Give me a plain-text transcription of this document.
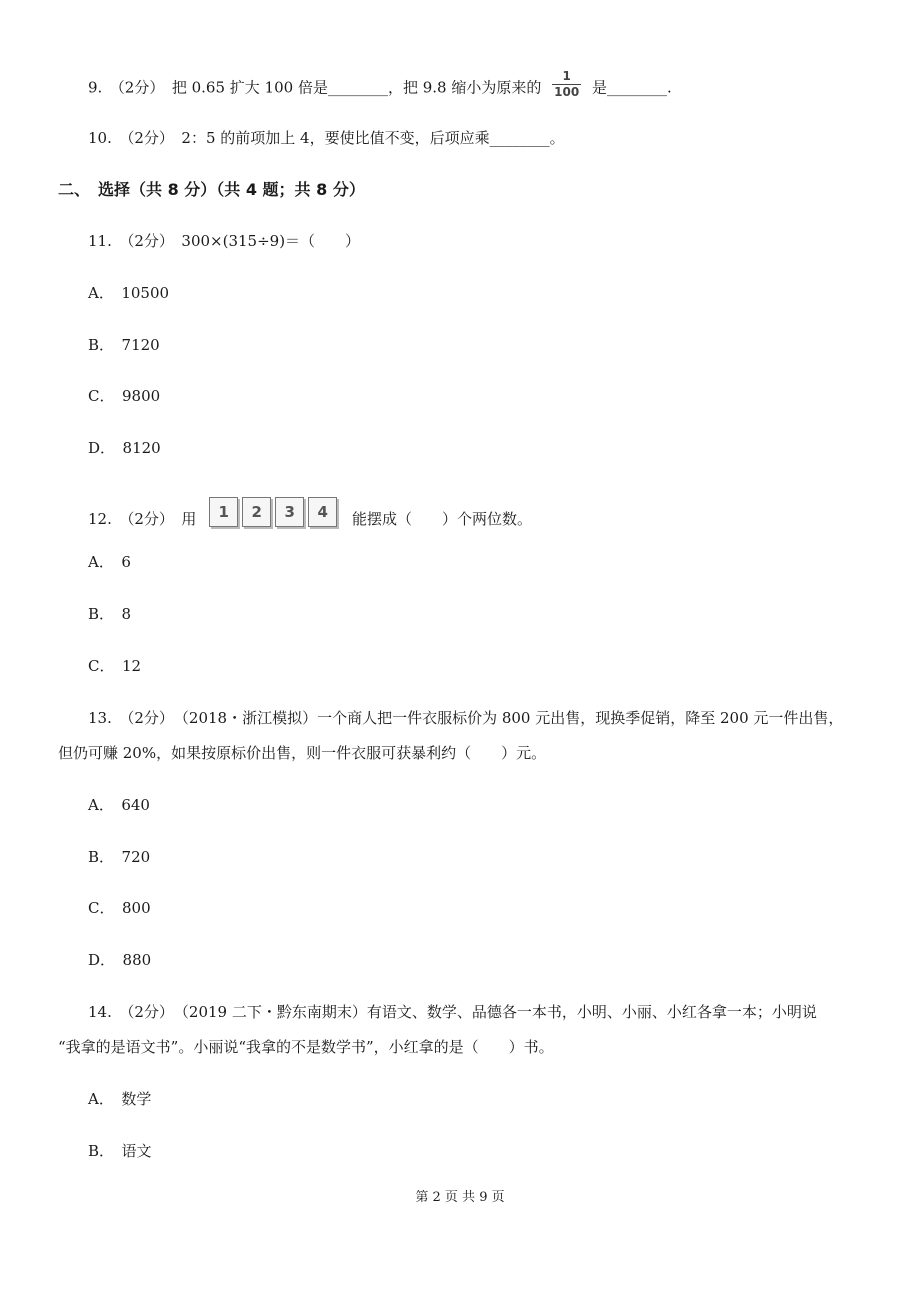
9.　（2分）　把 0.65 扩大 100 倍是________，把 9.8 缩小为原来的 $\frac{1}{100}$ 是________.
10.　（2分）　2：5 的前项加上 4，要使比值不变，后项应乘________。
二、　选择（共 8 分）（共 4 题；共 8 分）
11.　（2分）　300×(315÷9)＝（　　）
A．　10500
B．　7120
C．　9800
D．　8120
12.　（2分）　用	1	2	3	4	能摆成（　　）个两位数。
A．　6
B．　8
C．　12
13.　（2分）　（2018・浙江模拟）一个商人把一件衣服标价为 800 元出售，现换季促销，降至 200 元一件出售，
但仍可赚 20%，如果按原标价出售，则一件衣服可获暴利约（　　）元。
A．　640
B．　720
C．　800
D．　880
14.　（2分）　（2019 二下・黔东南期末）有语文、数学、品德各一本书，小明、小丽、小红各拿一本；小明说
“我拿的是语文书”。小丽说“我拿的不是数学书”，小红拿的是（　　）书。
A．　数学
B．　语文
第 2 页 共 9 页
